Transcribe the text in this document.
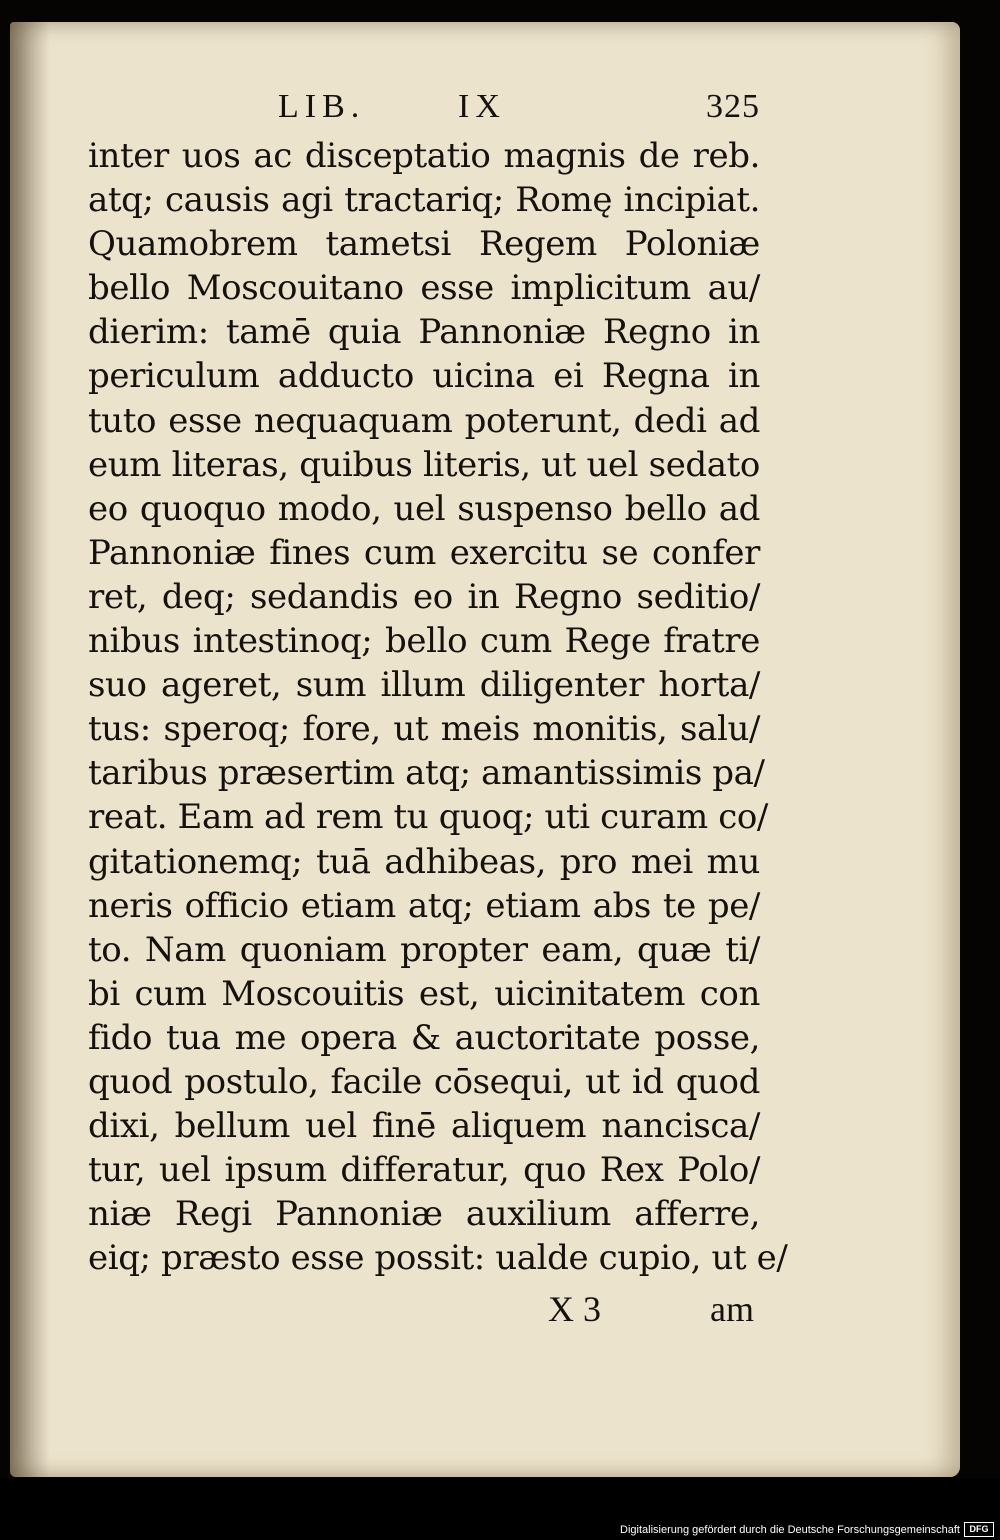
LIB.	IX	325
inter uos ac disceptatio magnis de reb.
atq; causis agi tractariq; Romę incipiat.
Quamobrem tametsi Regem Poloniæ
bello Moscouitano esse implicitum au/
dierim: tamē quia Pannoniæ Regno in
periculum adducto uicina ei Regna in
tuto esse nequaquam poterunt, dedi ad
eum literas, quibus literis, ut uel sedato
eo quoquo modo, uel suspenso bello ad
Pannoniæ fines cum exercitu se confer
ret, deq; sedandis eo in Regno seditio/
nibus intestinoq; bello cum Rege fratre
suo ageret, sum illum diligenter horta/
tus: speroq; fore, ut meis monitis, salu/
taribus præsertim atq; amantissimis pa/
reat. Eam ad rem tu quoq; uti curam co/
gitationemq; tuā adhibeas, pro mei mu
neris officio etiam atq; etiam abs te pe/
to. Nam quoniam propter eam, quæ ti/
bi cum Moscouitis est, uicinitatem con
fido tua me opera & auctoritate posse,
quod postulo, facile cōsequi, ut id quod
dixi, bellum uel finē aliquem nancisca/
tur, uel ipsum differatur, quo Rex Polo/
niæ Regi Pannoniæ auxilium afferre,
eiq; præsto esse possit: ualde cupio, ut e/
X 3	am
Digitalisierung gefördert durch die Deutsche Forschungsgemeinschaft	DFG
